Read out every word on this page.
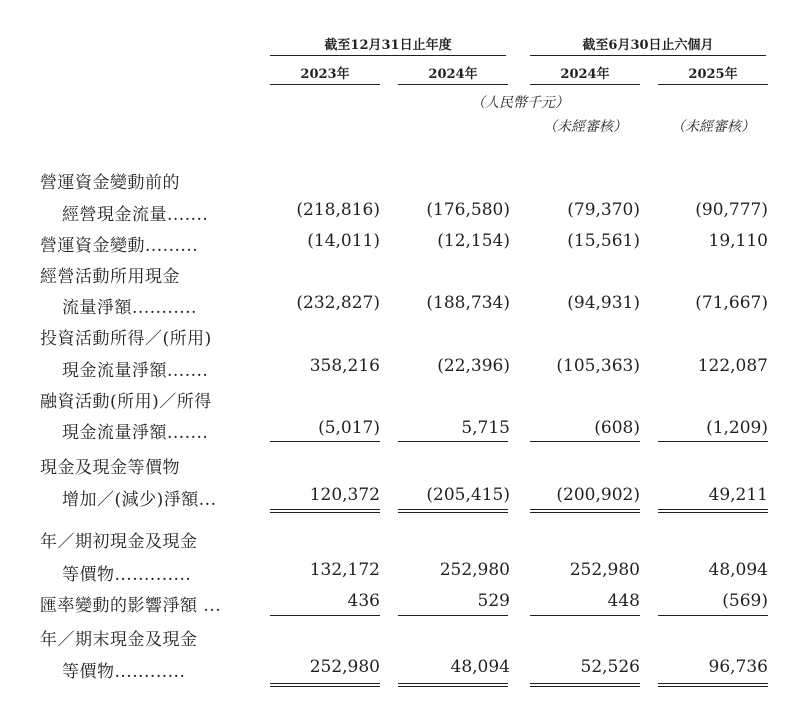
截至12月31日止年度	截至6月30日止六個月
2023年	2024年	2024年	2025年
（人民幣千元）
（未經審核）	（未經審核）
營運資金變動前的
經營現金流量.......	(218,816)	(176,580)	(79,370)	(90,777)
營運資金變動.........	(14,011)	(12,154)	(15,561)	19,110
經營活動所用現金
流量淨額...........	(232,827)	(188,734)	(94,931)	(71,667)
投資活動所得／(所用)
現金流量淨額.......	358,216	(22,396)	(105,363)	122,087
融資活動(所用)／所得
現金流量淨額.......	(5,017)	5,715	(608)	(1,209)
現金及現金等價物
增加／(減少)淨額...	120,372	(205,415)	(200,902)	49,211
年／期初現金及現金
等價物.............	132,172	252,980	252,980	48,094
匯率變動的影響淨額 ...	436	529	448	(569)
年／期末現金及現金
等價物............	252,980	48,094	52,526	96,736
